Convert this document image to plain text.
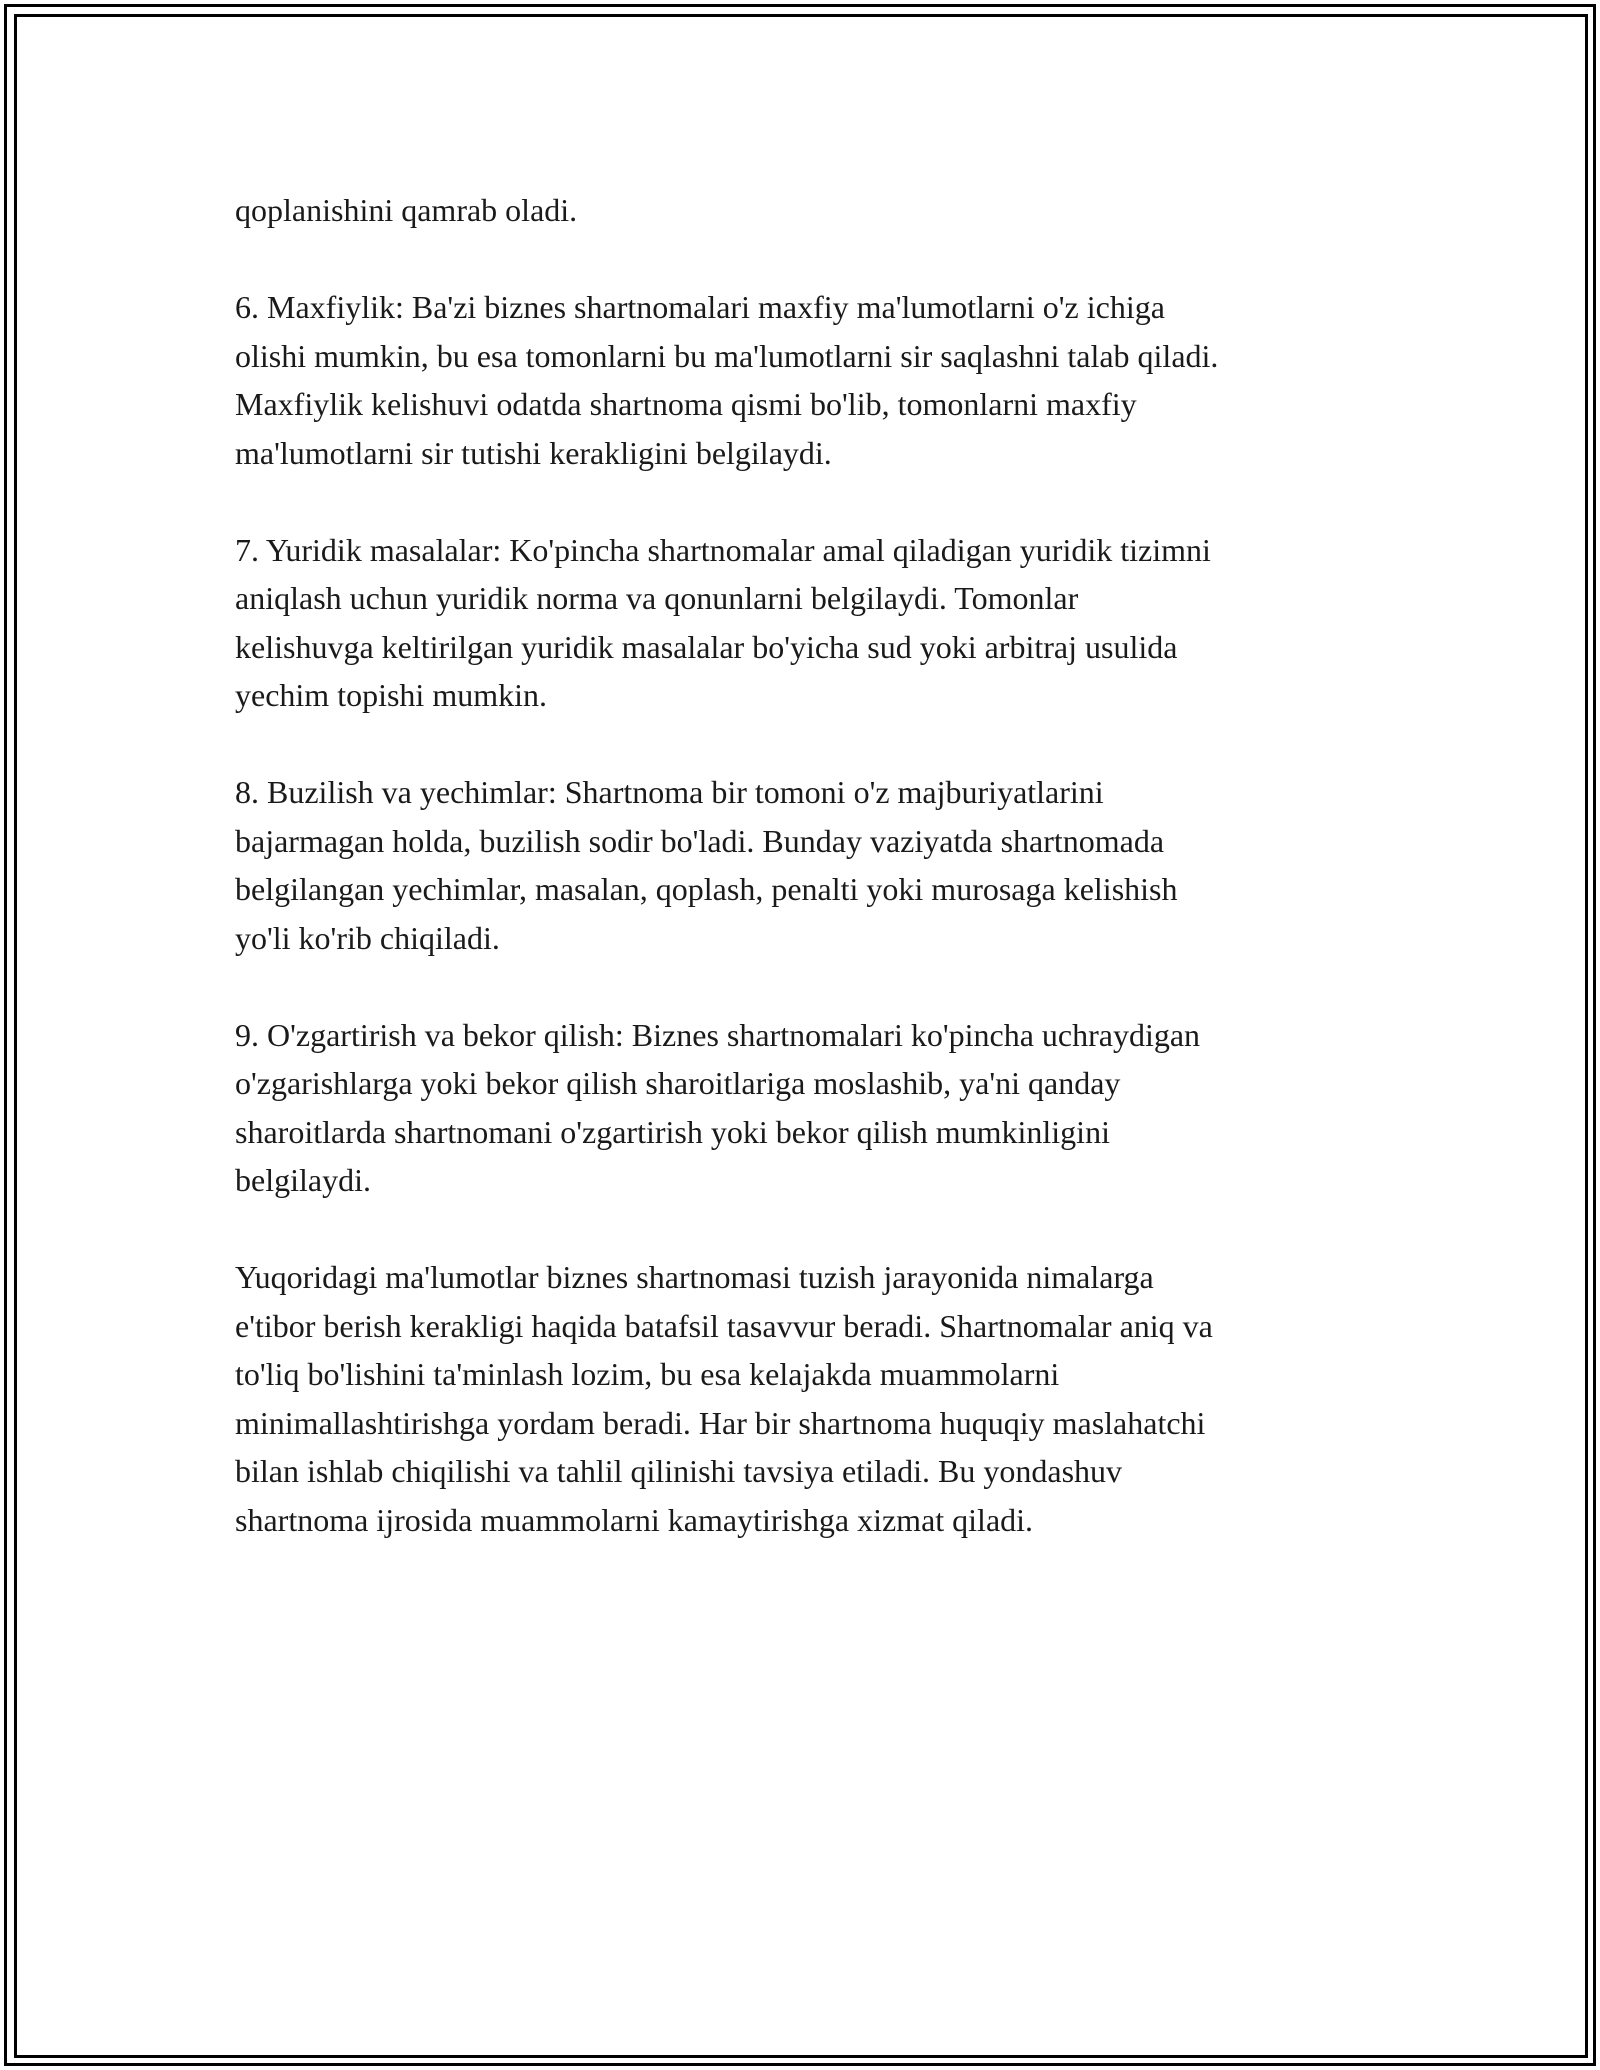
qoplanishini qamrab oladi.

6. Maxfiylik: Ba'zi biznes shartnomalari maxfiy ma'lumotlarni o'z ichiga
olishi mumkin, bu esa tomonlarni bu ma'lumotlarni sir saqlashni talab qiladi.
Maxfiylik kelishuvi odatda shartnoma qismi bo'lib, tomonlarni maxfiy
ma'lumotlarni sir tutishi kerakligini belgilaydi.

7. Yuridik masalalar: Ko'pincha shartnomalar amal qiladigan yuridik tizimni
aniqlash uchun yuridik norma va qonunlarni belgilaydi. Tomonlar
kelishuvga keltirilgan yuridik masalalar bo'yicha sud yoki arbitraj usulida
yechim topishi mumkin.

8. Buzilish va yechimlar: Shartnoma bir tomoni o'z majburiyatlarini
bajarmagan holda, buzilish sodir bo'ladi. Bunday vaziyatda shartnomada
belgilangan yechimlar, masalan, qoplash, penalti yoki murosaga kelishish
yo'li ko'rib chiqiladi.

9. O'zgartirish va bekor qilish: Biznes shartnomalari ko'pincha uchraydigan
o'zgarishlarga yoki bekor qilish sharoitlariga moslashib, ya'ni qanday
sharoitlarda shartnomani o'zgartirish yoki bekor qilish mumkinligini
belgilaydi.

Yuqoridagi ma'lumotlar biznes shartnomasi tuzish jarayonida nimalarga
e'tibor berish kerakligi haqida batafsil tasavvur beradi. Shartnomalar aniq va
to'liq bo'lishini ta'minlash lozim, bu esa kelajakda muammolarni
minimallashtirishga yordam beradi. Har bir shartnoma huquqiy maslahatchi
bilan ishlab chiqilishi va tahlil qilinishi tavsiya etiladi. Bu yondashuv
shartnoma ijrosida muammolarni kamaytirishga xizmat qiladi.
